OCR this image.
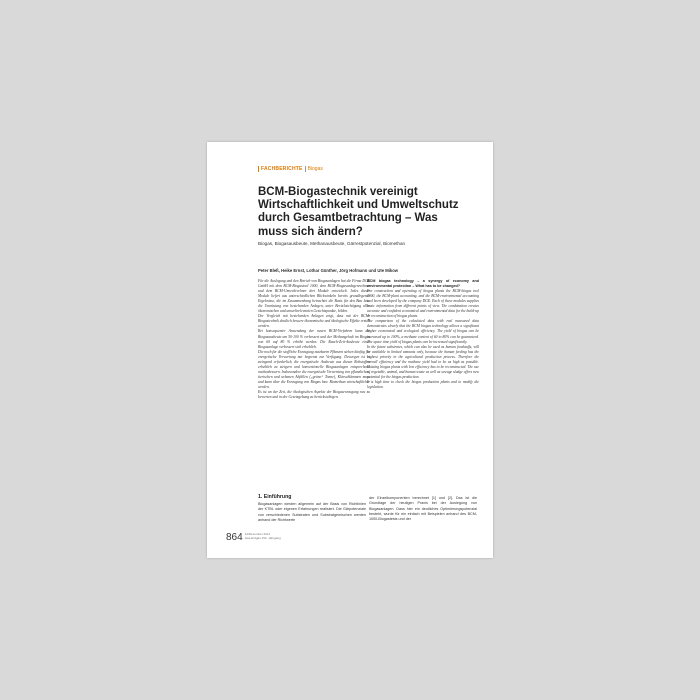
FACHBERICHTE Biogas
BCM-Biogastechnik vereinigt Wirtschaftlichkeit und Umweltschutz durch Gesamtbetrachtung – Was muss sich ändern?
Biogas, Biogasausbeute, Methanausbeute, Gärrestpotenzial, Biomethan
Peter Bleß, Heike Ernst, Lothar Günther, Jörg Hofmann und Ute Mikow

Für die Auslegung und den Betrieb von Biogasanlagen hat die Firma DGE GmbH mit dem BCM-Biogastool 1000, dem BCM-Biogasanlagenrechner und dem BCM-Umweltrechner drei Module entwickelt. Jedes dieser Module liefert aus unterschiedlichen Blickwinkeln bereits grundlegende Ergebnisse, die im Zusammenhang betrachtet die Basis für den Bau bzw. die Umrüstung von bestehenden Anlagen, unter Berücksichtigung aller ökonomischen und umweltrelevanten Gesichtspunkte, bilden.

Der Vergleich mit bestehenden Anlagen zeigt, dass mit der BCM-Biogastechnik deutlich bessere ökonomische und ökologische Effekte erzielt werden.

Bei konsequenter Anwendung der neuen BCM-Verfahren kann die Biogasausbeute um 50-100 % verbessert und der Methangehalt im Biogas von 60 auf 80 % erhöht werden. Die Rauch-Zeit-Ausbeute einer Biogasanlage verbessert sich erheblich.

Die noch für die stoffliche Erzeugung nutzbaren Pflanzen stehen künftig für energetische Verwertung nur begrenzt zur Verfügung. Deswegen ist es zwingend erforderlich, die energetische Ausbeute aus diesen Rohstoffen erheblich zu steigern und konventionelle Biogasanlagen entsprechend nachzubessern. Insbesondere die energetische Verwertung von pflanzlichen, tierischen und urbanen Abfällen („grüne“ Tonne), Klärschlämmen muss und kann über die Erzeugung von Biogas bzw. Biomethan wirtschaftlicher werden.

Es ist an der Zeit, die ökologischen Aspekte der Biogaserzeugung neu zu bewerten und in der Gesetzgebung zu berücksichtigen.

BCM biogas technology – a synergy of economy and environmental protection – What has to be changed?

For construction and operating of biogas plants the BCM-biogas tool 1000, the BCM-plant accounting, and the BCM-environmental accounting tool been developed by the company DGE. Each of these modules supplies basic information from different points of view. The combination creates accurate and confident economical and environmental data for the build-up or reconstruction of biogas plants.

The comparison of the calculated data with real measured data demonstrates clearly that the BCM biogas technology allows a significant higher economical and ecological efficiency. The yield of biogas can be increased up to 100%, a methane content of 60 to 80% can be guaranteed. The space time yield of biogas plants can be increased significantly.

In the future substrates, which can also be used as human foodstuffs, will be available in limited amounts only, because the human feeding has the highest priority in the agricultural production process. Therefore the overall efficiency and the methane yield had to be as high as possible. Existing biogas plants with low efficiency has to be reconstructed. The use of vegetable, animal, and human waste as well as sewage sludge offers new potential for the biogas production.

It is high time to check the biogas production plants and to modify the legislation.

1. Einführung
Biogasanlagen werden allgemein auf der Basis von Richtlinien der KTBL oder eigenen Erfahrungen realisiert. Die Gärpotenziale von verschiedenen Substraten und Substratgemischen werden anhand der Richtwerte
der Einzelkomponenten berechnet [1] und [2]. Das ist die Grundlage der heutigen Praxis bei der Auslegung von Biogasanlagen. Dass hier ein deutliches Optimierungspotenzial besteht, wurde für ein einfach mit Beispielen anhand des BCM-1000-Biogastests und der
864 12/Dezember 2011
Gas-Erdgas 152. Jahrgang
